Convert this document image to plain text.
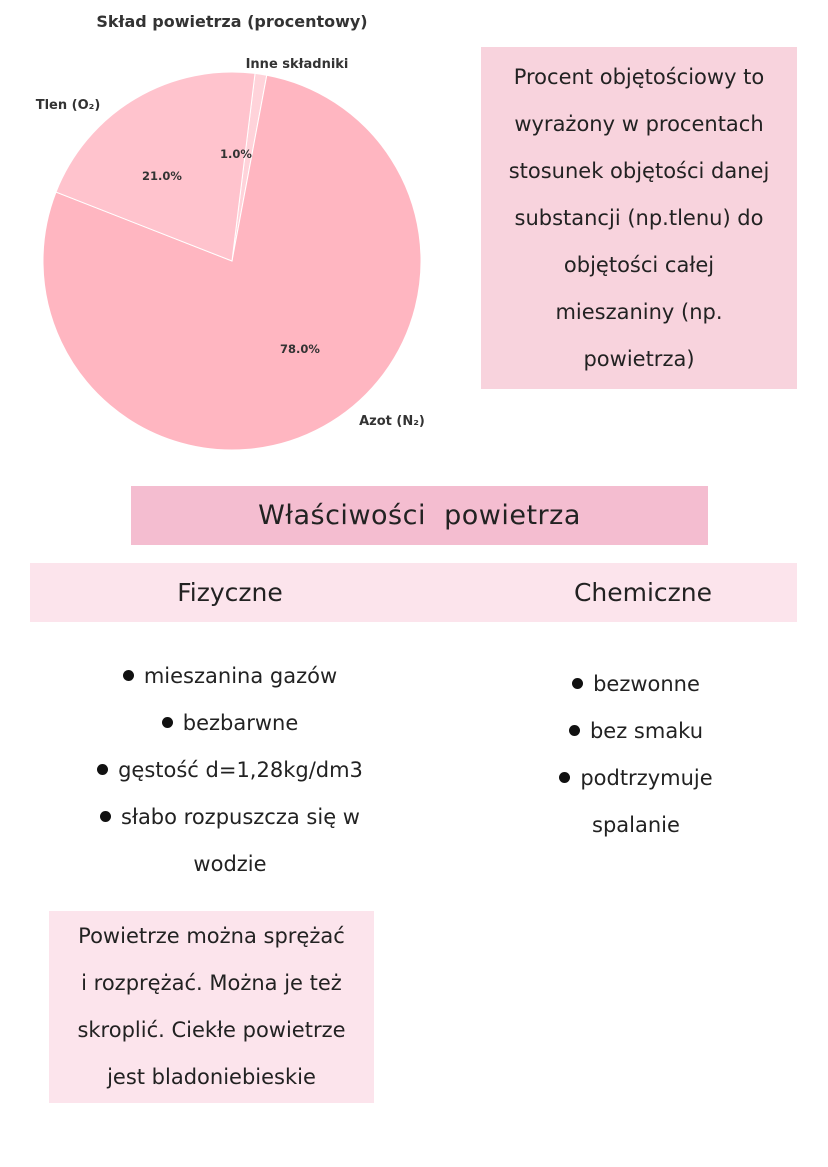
Skład powietrza (procentowy)
1.0%
Inne składniki
78.0%
Azot (N₂)
21.0%
Tlen (O₂)
Procent objętościowy to
wyrażony w procentach
stosunek objętości danej
substancji (np.tlenu) do
objętości całej
mieszaniny (np.
powietrza)
Właściwości  powietrza
Fizyczne	Chemiczne
mieszanina gazów
bezbarwne
gęstość d=1,28kg/dm3
słabo rozpuszcza się w
wodzie
bezwonne
bez smaku
podtrzymuje
spalanie
Powietrze można sprężać
i rozprężać. Można je też
skroplić. Ciekłe powietrze
jest bladoniebieskie
